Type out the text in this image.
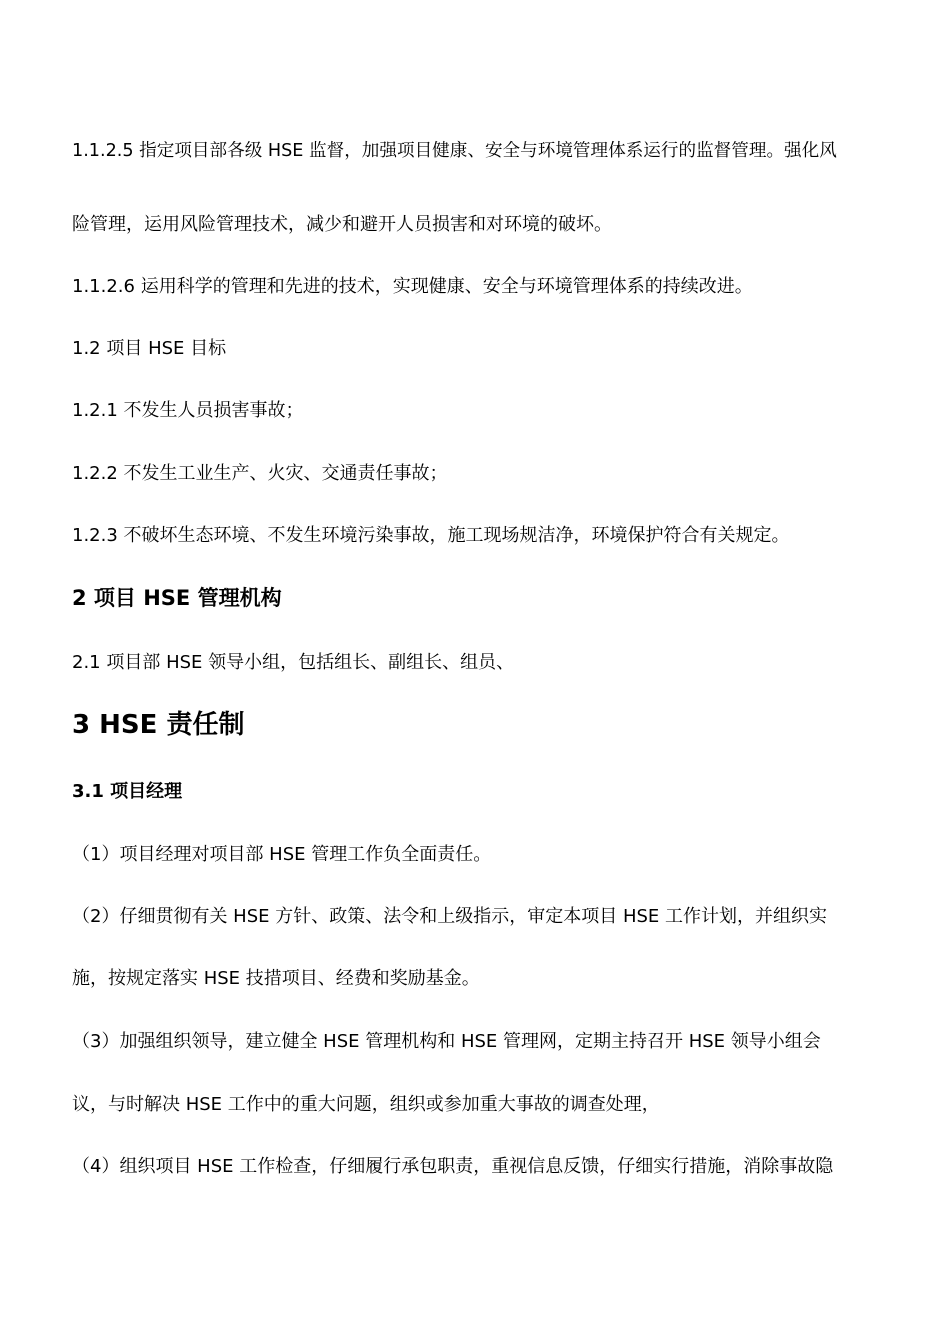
1.1.2.5 指定项目部各级 HSE 监督，加强项目健康、安全与环境管理体系运行的监督管理。强化风
险管理，运用风险管理技术，减少和避开人员损害和对环境的破坏。
1.1.2.6 运用科学的管理和先进的技术，实现健康、安全与环境管理体系的持续改进。
1.2 项目 HSE 目标
1.2.1 不发生人员损害事故；
1.2.2 不发生工业生产、火灾、交通责任事故；
1.2.3 不破坏生态环境、不发生环境污染事故，施工现场规洁净，环境保护符合有关规定。
2 项目 HSE 管理机构
2.1 项目部 HSE 领导小组，包括组长、副组长、组员、
3 HSE 责任制
3.1 项目经理
（1）项目经理对项目部 HSE 管理工作负全面责任。
（2）仔细贯彻有关 HSE 方针、政策、法令和上级指示，审定本项目 HSE 工作计划，并组织实
施，按规定落实 HSE 技措项目、经费和奖励基金。
（3）加强组织领导，建立健全 HSE 管理机构和 HSE 管理网，定期主持召开 HSE 领导小组会
议，与时解决 HSE 工作中的重大问题，组织或参加重大事故的调查处理，
（4）组织项目 HSE 工作检查，仔细履行承包职责，重视信息反馈，仔细实行措施，消除事故隐
